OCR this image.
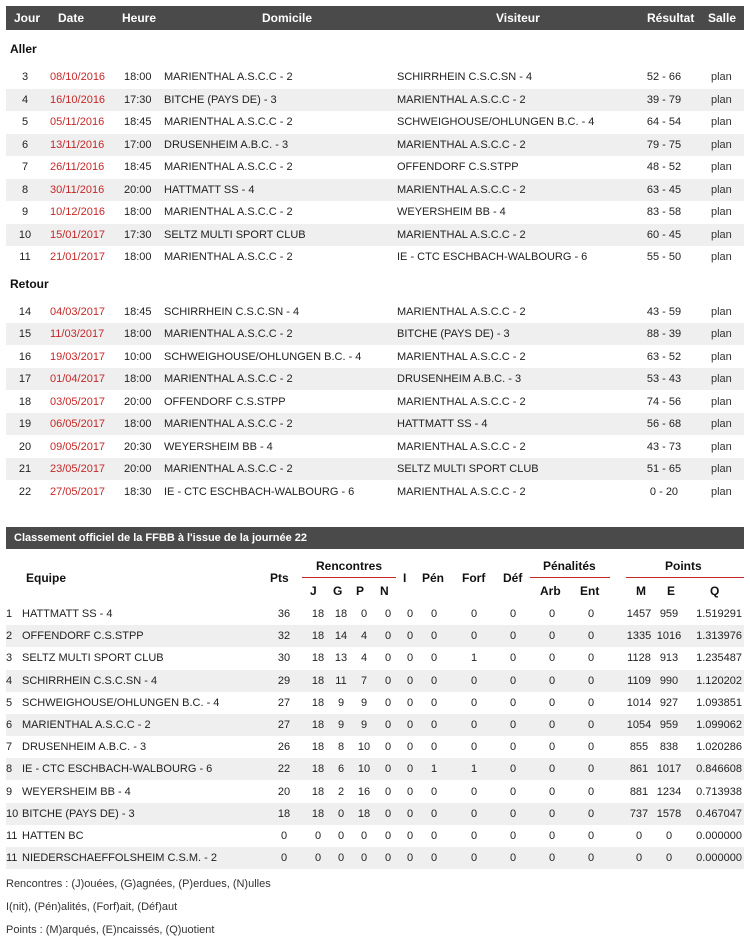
Jour Date	Heure	Domicile	Visiteur	Résultat Salle
Aller
3	08/10/2016 18:00 MARIENTHAL A.S.C.C - 2	SCHIRRHEIN C.S.C.SN - 4	52 - 66	plan
4	16/10/2016 17:30 BITCHE (PAYS DE) - 3	MARIENTHAL A.S.C.C - 2	39 - 79	plan
5	05/11/2016 18:45 MARIENTHAL A.S.C.C - 2	SCHWEIGHOUSE/OHLUNGEN B.C. - 4	64 - 54	plan
6	13/11/2016 17:00 DRUSENHEIM A.B.C. - 3	MARIENTHAL A.S.C.C - 2	79 - 75	plan
7	26/11/2016 18:45 MARIENTHAL A.S.C.C - 2	OFFENDORF C.S.STPP	48 - 52	plan
8	30/11/2016 20:00 HATTMATT SS - 4	MARIENTHAL A.S.C.C - 2	63 - 45	plan
9	10/12/2016 18:00 MARIENTHAL A.S.C.C - 2	WEYERSHEIM BB - 4	83 - 58	plan
10	15/01/2017 17:30 SELTZ MULTI SPORT CLUB	MARIENTHAL A.S.C.C - 2	60 - 45	plan
11	21/01/2017 18:00 MARIENTHAL A.S.C.C - 2	IE - CTC ESCHBACH-WALBOURG - 6	55 - 50	plan
Retour
14	04/03/2017 18:45 SCHIRRHEIN C.S.C.SN - 4	MARIENTHAL A.S.C.C - 2	43 - 59	plan
15	11/03/2017 18:00 MARIENTHAL A.S.C.C - 2	BITCHE (PAYS DE) - 3	88 - 39	plan
16	19/03/2017 10:00 SCHWEIGHOUSE/OHLUNGEN B.C. - 4	MARIENTHAL A.S.C.C - 2	63 - 52	plan
17	01/04/2017 18:00 MARIENTHAL A.S.C.C - 2	DRUSENHEIM A.B.C. - 3	53 - 43	plan
18	03/05/2017 20:00 OFFENDORF C.S.STPP	MARIENTHAL A.S.C.C - 2	74 - 56	plan
19	06/05/2017 18:00 MARIENTHAL A.S.C.C - 2	HATTMATT SS - 4	56 - 68	plan
20	09/05/2017 20:30 WEYERSHEIM BB - 4	MARIENTHAL A.S.C.C - 2	43 - 73	plan
21	23/05/2017 20:00 MARIENTHAL A.S.C.C - 2	SELTZ MULTI SPORT CLUB	51 - 65	plan
22	27/05/2017 18:30 IE - CTC ESCHBACH-WALBOURG - 6	MARIENTHAL A.S.C.C - 2	0 - 20	plan
Classement officiel de la FFBB à l'issue de la journée 22
Equipe	Pts
Rencontres
J G P N
I Pén Forf Déf
Pénalités
Arb Ent
Points
M E	Q
1 HATTMATT SS - 4	36	18 18	0	0	0	0	0	0	0	0	1457 959	1.519291
2 OFFENDORF C.S.STPP	32	18 14	4	0	0	0	0	0	0	0	1335 1016 1.313976
3 SELTZ MULTI SPORT CLUB	30	18 13	4	0	0	0	1	0	0	0	1128 913	1.235487
4 SCHIRRHEIN C.S.C.SN - 4	29	18	11	7	0	0	0	0	0	0	0	1109 990	1.120202
5 SCHWEIGHOUSE/OHLUNGEN B.C. - 4	27	18	9	9	0	0	0	0	0	0	0	1014 927	1.093851
6 MARIENTHAL A.S.C.C - 2	27	18	9	9	0	0	0	0	0	0	0	1054 959	1.099062
7 DRUSENHEIM A.B.C. - 3	26	18	8	10	0	0	0	0	0	0	0	855	838	1.020286
8 IE - CTC ESCHBACH-WALBOURG - 6	22	18	6	10	0	0	1	1	0	0	0	861 1017 0.846608
9 WEYERSHEIM BB - 4	20	18	2	16	0	0	0	0	0	0	0	881 1234 0.713938
10 BITCHE (PAYS DE) - 3	18	18	0	18	0	0	0	0	0	0	0	737 1578 0.467047
11 HATTEN BC	0	0	0	0	0	0	0	0	0	0	0	0	0	0.000000
11 NIEDERSCHAEFFOLSHEIM C.S.M. - 2	0	0	0	0	0	0	0	0	0	0	0	0	0	0.000000
Rencontres : (J)ouées, (G)agnées, (P)erdues, (N)ulles
I(nit), (Pén)alités, (Forf)ait, (Déf)aut
Points : (M)arqués, (E)ncaissés, (Q)uotient
